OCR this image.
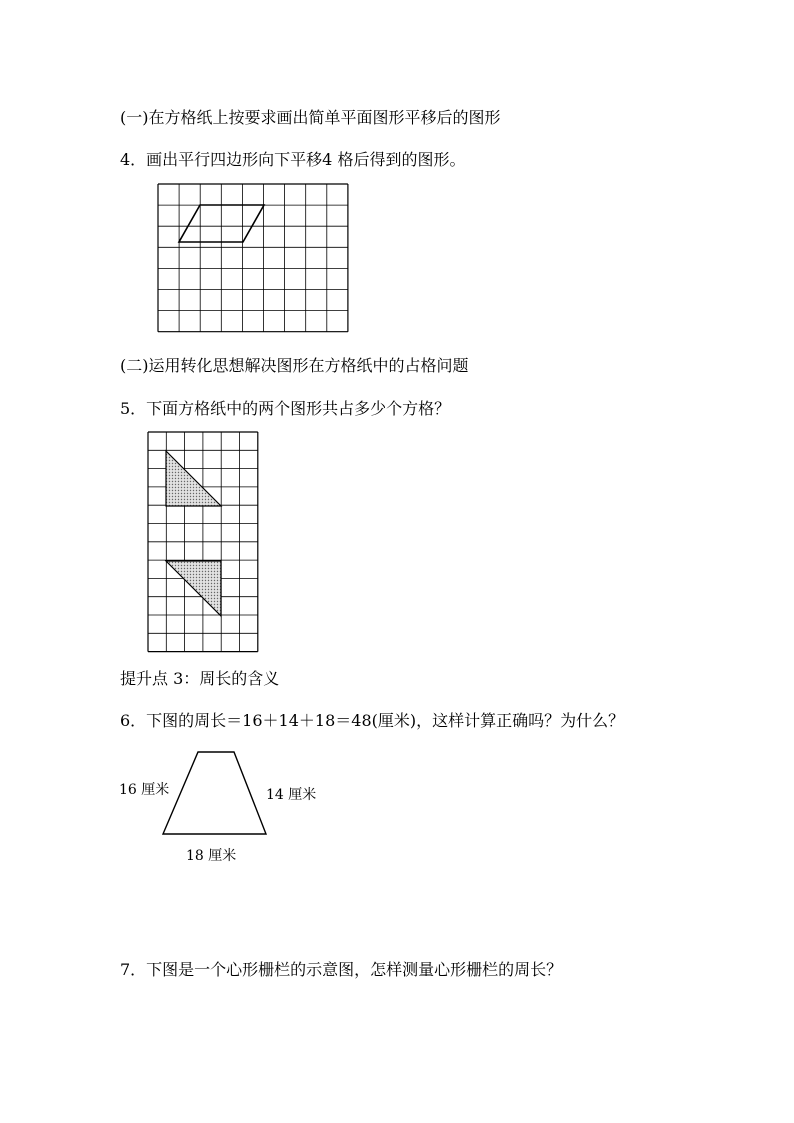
(一)在方格纸上按要求画出简单平面图形平移后的图形
4．画出平行四边形向下平移4 格后得到的图形。
(二)运用转化思想解决图形在方格纸中的占格问题
5．下面方格纸中的两个图形共占多少个方格？
提升点 3：周长的含义
6．下图的周长＝16＋14＋18＝48(厘米)，这样计算正确吗？为什么？
16 厘米	14 厘米
18 厘米
7．下图是一个心形栅栏的示意图，怎样测量心形栅栏的周长？
